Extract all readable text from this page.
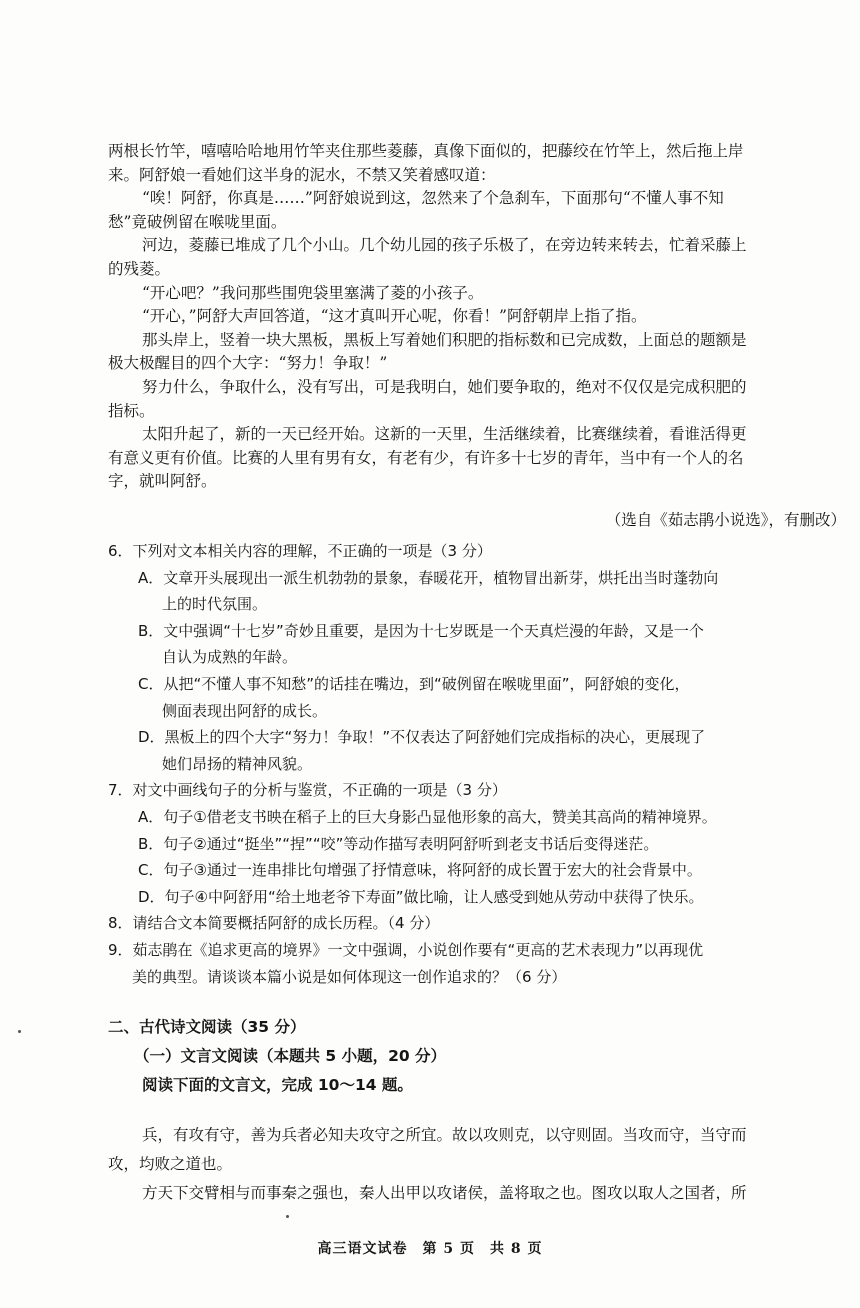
两根长竹竿，嘻嘻哈哈地用竹竿夹住那些菱藤，真像下面似的，把藤绞在竹竿上，然后拖上岸
来。阿舒娘一看她们这半身的泥水，不禁又笑着感叹道：
“唉！阿舒，你真是……”阿舒娘说到这，忽然来了个急刹车，下面那句“不懂人事不知
愁”竟破例留在喉咙里面。
河边，菱藤已堆成了几个小山。几个幼儿园的孩子乐极了，在旁边转来转去，忙着采藤上
的残菱。
“开心吧？”我问那些围兜袋里塞满了菱的小孩子。
“开心，”阿舒大声回答道，“这才真叫开心呢，你看！”阿舒朝岸上指了指。
那头岸上，竖着一块大黑板，黑板上写着她们积肥的指标数和已完成数，上面总的题额是
极大极醒目的四个大字：“努力！争取！”
努力什么，争取什么，没有写出，可是我明白，她们要争取的，绝对不仅仅是完成积肥的
指标。
太阳升起了，新的一天已经开始。这新的一天里，生活继续着，比赛继续着，看谁活得更
有意义更有价值。比赛的人里有男有女，有老有少，有许多十七岁的青年，当中有一个人的名
字，就叫阿舒。
（选自《茹志鹃小说选》，有删改）
6．下列对文本相关内容的理解，不正确的一项是（3 分）
A．文章开头展现出一派生机勃勃的景象，春暖花开，植物冒出新芽，烘托出当时蓬勃向
上的时代氛围。
B．文中强调“十七岁”奇妙且重要，是因为十七岁既是一个天真烂漫的年龄，又是一个
自认为成熟的年龄。
C．从把“不懂人事不知愁”的话挂在嘴边，到“破例留在喉咙里面”，阿舒娘的变化，
侧面表现出阿舒的成长。
D．黑板上的四个大字“努力！争取！”不仅表达了阿舒她们完成指标的决心，更展现了
她们昂扬的精神风貌。
7．对文中画线句子的分析与鉴赏，不正确的一项是（3 分）
A．句子①借老支书映在稻子上的巨大身影凸显他形象的高大，赞美其高尚的精神境界。
B．句子②通过“挺坐”“捏”“咬”等动作描写表明阿舒听到老支书话后变得迷茫。
C．句子③通过一连串排比句增强了抒情意味，将阿舒的成长置于宏大的社会背景中。
D．句子④中阿舒用“给土地老爷下寿面”做比喻，让人感受到她从劳动中获得了快乐。
8．请结合文本简要概括阿舒的成长历程。（4 分）
9．茹志鹃在《追求更高的境界》一文中强调，小说创作要有“更高的艺术表现力”以再现优
美的典型。请谈谈本篇小说是如何体现这一创作追求的？（6 分）
二、古代诗文阅读（35 分）
（一）文言文阅读（本题共 5 小题，20 分）
阅读下面的文言文，完成 10～14 题。
兵，有攻有守，善为兵者必知夫攻守之所宜。故以攻则克，以守则固。当攻而守，当守而
攻，均败之道也。
方天下交臂相与而事秦之强也，秦人出甲以攻诸侯，盖将取之也。图攻以取人之国者，所
高三语文试卷　第 5 页　共 8 页
